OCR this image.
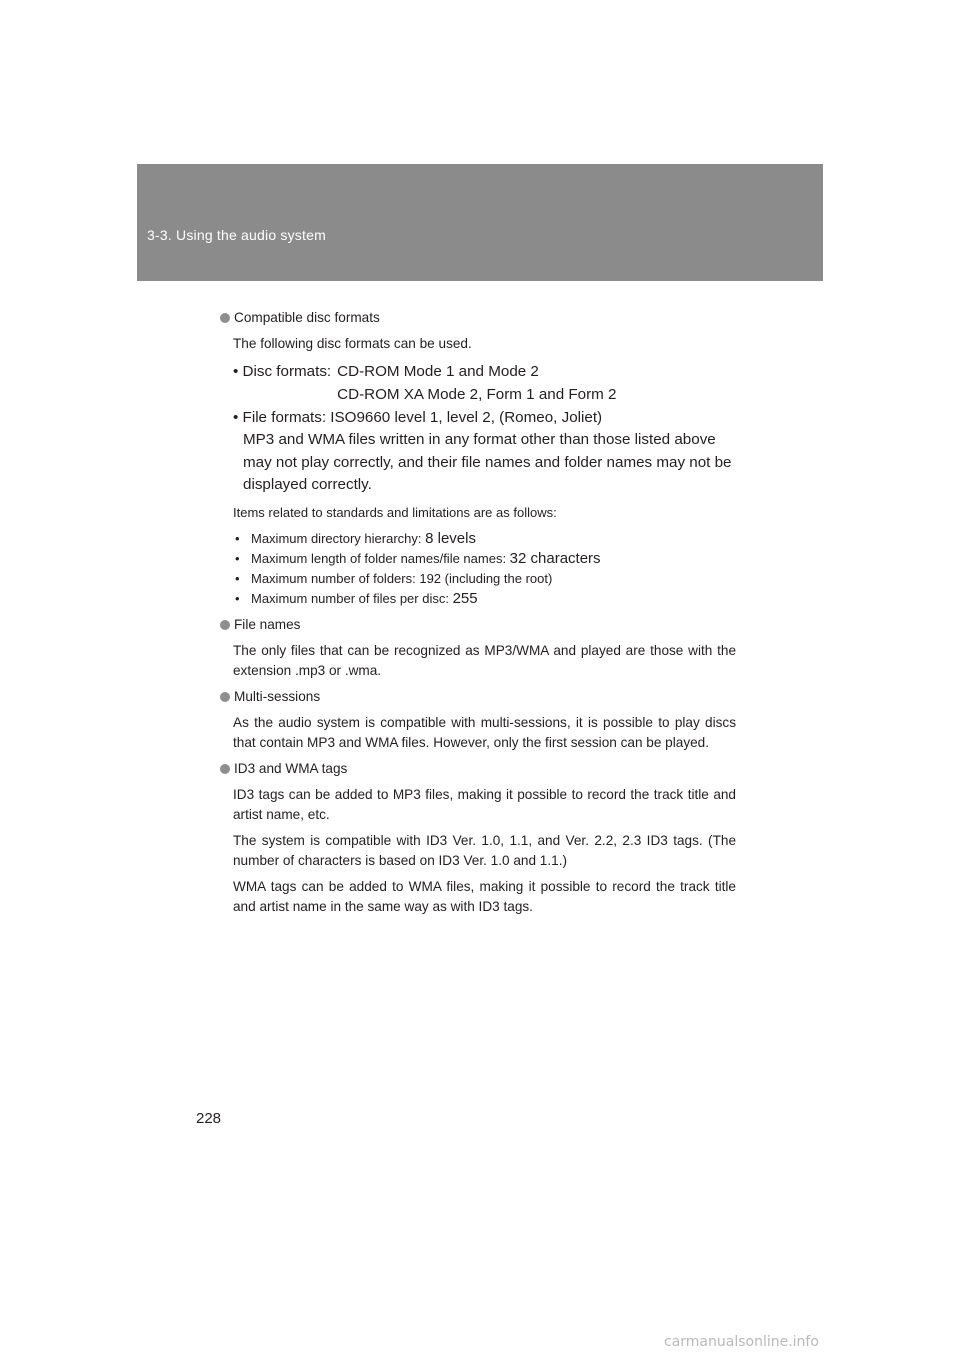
3-3. Using the audio system
Compatible disc formats

The following disc formats can be used.

• Disc formats: CD-ROM Mode 1 and Mode 2
CD-ROM XA Mode 2, Form 1 and Form 2
• File formats: ISO9660 level 1, level 2, (Romeo, Joliet)

MP3 and WMA files written in any format other than those listed above may not play correctly, and their file names and folder names may not be displayed correctly.

Items related to standards and limitations are as follows:

• Maximum directory hierarchy: 8 levels
• Maximum length of folder names/file names: 32 characters
• Maximum number of folders: 192 (including the root)
• Maximum number of files per disc: 255
File names

The only files that can be recognized as MP3/WMA and played are those with the extension .mp3 or .wma.

Multi-sessions

As the audio system is compatible with multi-sessions, it is possible to play discs that contain MP3 and WMA files. However, only the first session can be played.

ID3 and WMA tags

ID3 tags can be added to MP3 files, making it possible to record the track title and artist name, etc.

The system is compatible with ID3 Ver. 1.0, 1.1, and Ver. 2.2, 2.3 ID3 tags. (The number of characters is based on ID3 Ver. 1.0 and 1.1.)

WMA tags can be added to WMA files, making it possible to record the track title and artist name in the same way as with ID3 tags.

228
carmanualsonline.info
